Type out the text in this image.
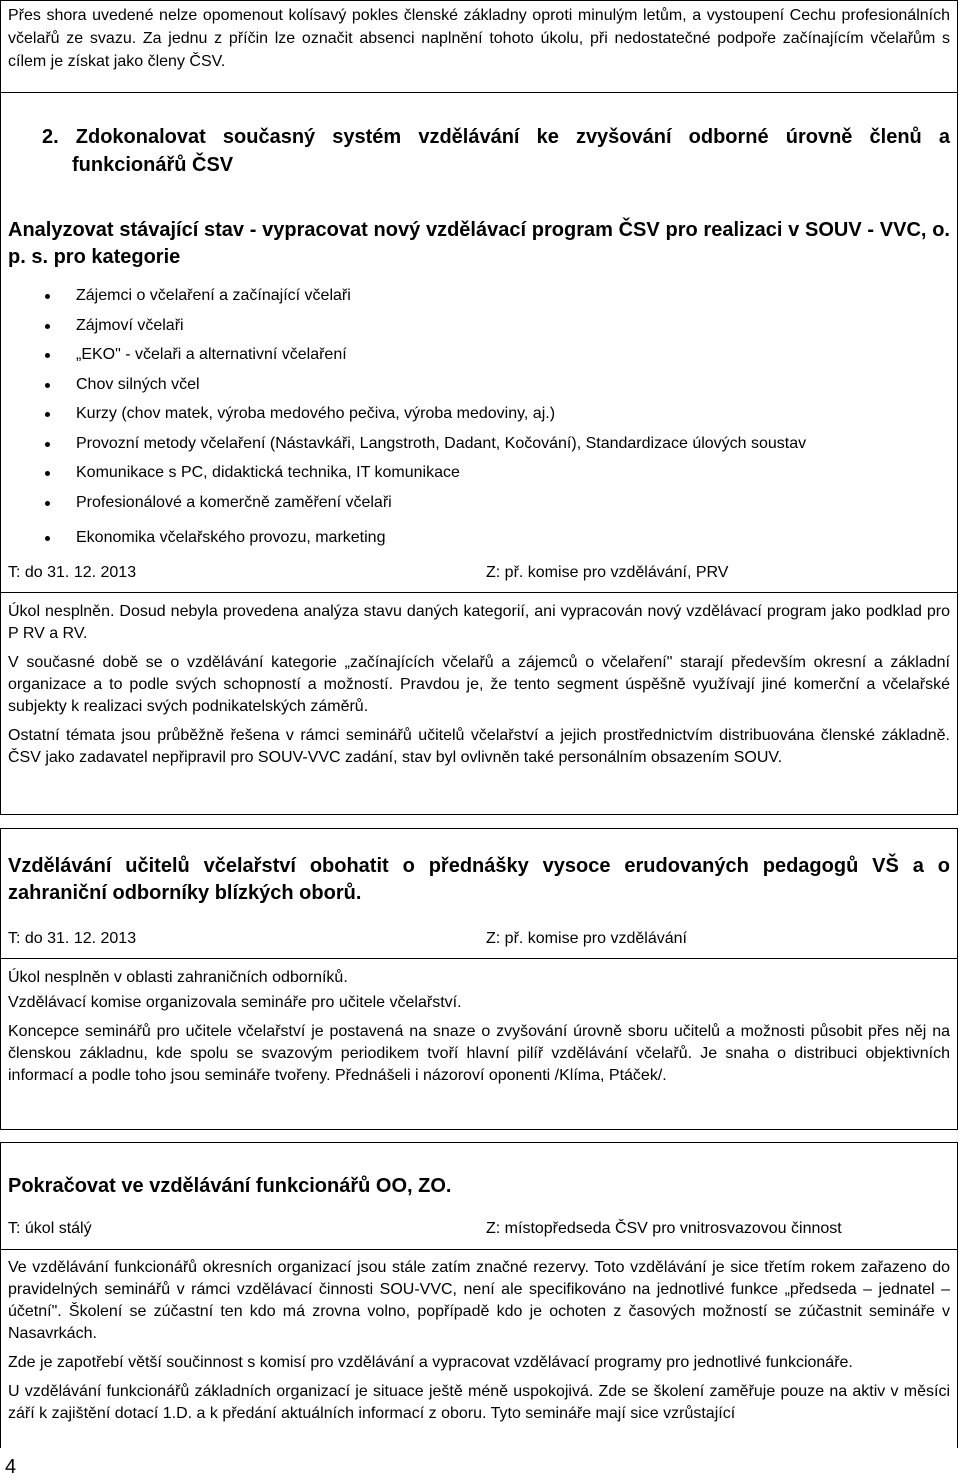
Přes shora uvedené nelze opomenout kolísavý pokles členské základny oproti minulým letům, a vystoupení Cechu profesionálních včelařů ze svazu. Za jednu z příčin lze označit absenci naplnění tohoto úkolu, při nedostatečné podpoře začínajícím včelařům s cílem je získat jako členy ČSV.

2. Zdokonalovat současný systém vzdělávání ke zvyšování odborné úrovně členů a funkcionářů ČSV

Analyzovat stávající stav - vypracovat nový vzdělávací program ČSV pro realizaci v SOUV - VVC, o. p. s. pro kategorie

Zájemci o včelaření a začínající včelaři
Zájmoví včelaři
„EKO" - včelaři a alternativní včelaření
Chov silných včel
Kurzy (chov matek, výroba medového pečiva, výroba medoviny, aj.)
Provozní metody včelaření (Nástavkáři, Langstroth, Dadant, Kočování), Standardizace úlových soustav
Komunikace s PC, didaktická technika, IT komunikace
Profesionálové a komerčně zaměření včelaři
Ekonomika včelařského provozu, marketing
T: do 31. 12. 2013	Z: př. komise pro vzdělávání, PRV

Úkol nesplněn. Dosud nebyla provedena analýza stavu daných kategorií, ani vypracován nový vzdělávací program jako podklad pro P RV a RV.

V současné době se o vzdělávání kategorie „začínajících včelařů a zájemců o včelaření" starají především okresní a základní organizace a to podle svých schopností a možností. Pravdou je, že tento segment úspěšně využívají jiné komerční a včelařské subjekty k realizaci svých podnikatelských záměrů.

Ostatní témata jsou průběžně řešena v rámci seminářů učitelů včelařství a jejich prostřednictvím distribuována členské základně. ČSV jako zadavatel nepřipravil pro SOUV-VVC zadání, stav byl ovlivněn také personálním obsazením SOUV.

Vzdělávání učitelů včelařství obohatit o přednášky vysoce erudovaných pedagogů VŠ a o zahraniční odborníky blízkých oborů.

T: do 31. 12. 2013	Z: př. komise pro vzdělávání

Úkol nesplněn v oblasti zahraničních odborníků.

Vzdělávací komise organizovala semináře pro učitele včelařství.

Koncepce seminářů pro učitele včelařství je postavená na snaze o zvyšování úrovně sboru učitelů a možnosti působit přes něj na členskou základnu, kde spolu se svazovým periodikem tvoří hlavní pilíř vzdělávání včelařů. Je snaha o distribuci objektivních informací a podle toho jsou semináře tvořeny. Přednášeli i názoroví oponenti /Klíma, Ptáček/.

Pokračovat ve vzdělávání funkcionářů OO, ZO.

T: úkol stálý	Z: místopředseda ČSV pro vnitrosvazovou činnost

Ve vzdělávání funkcionářů okresních organizací jsou stále zatím značné rezervy. Toto vzdělávání je sice třetím rokem zařazeno do pravidelných seminářů v rámci vzdělávací činnosti SOU-VVC, není ale specifikováno na jednotlivé funkce „předseda – jednatel – účetní". Školení se zúčastní ten kdo má zrovna volno, popřípadě kdo je ochoten z časových možností se zúčastnit semináře v Nasavrkách.

Zde je zapotřebí větší součinnost s komisí pro vzdělávání a vypracovat vzdělávací programy pro jednotlivé funkcionáře.

U vzdělávání funkcionářů základních organizací je situace ještě méně uspokojivá. Zde se školení zaměřuje pouze na aktiv v měsíci září k zajištění dotací 1.D. a k předání aktuálních informací z oboru. Tyto semináře mají sice vzrůstající

4
